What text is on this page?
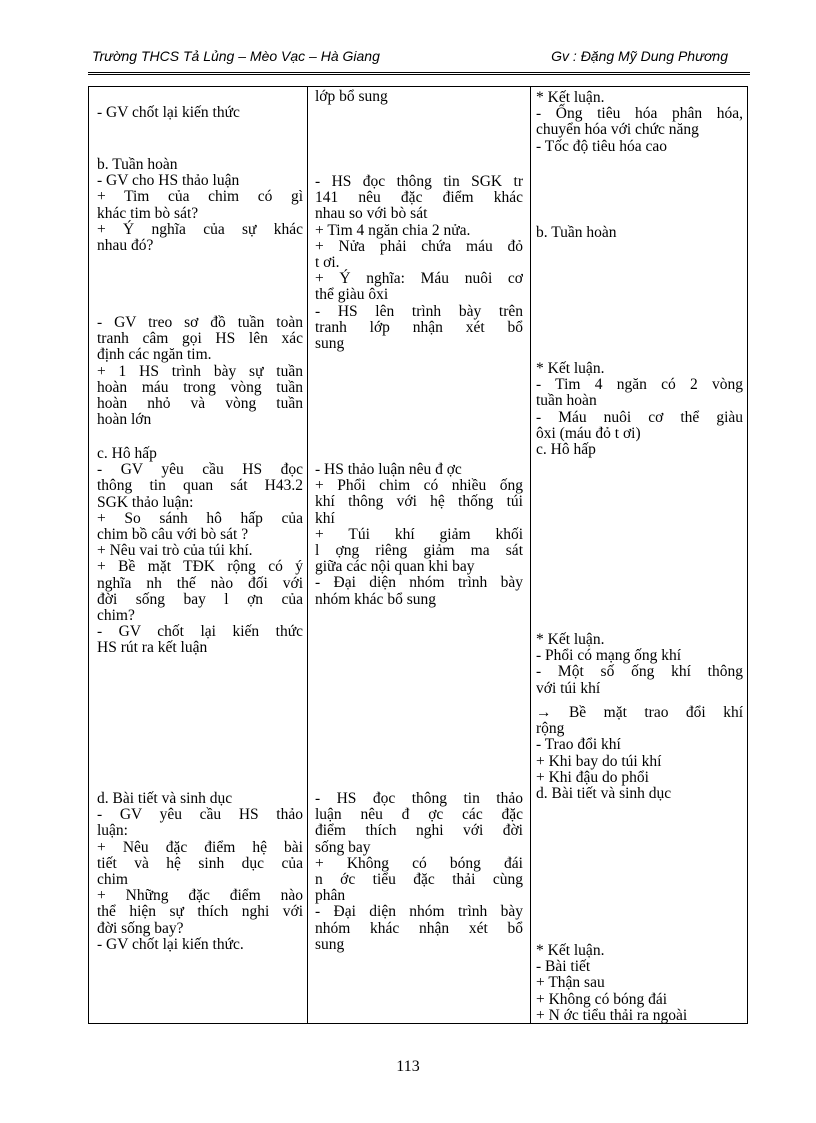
Trường THCS Tả Lủng – Mèo Vạc – Hà Giang	Gv : Đặng Mỹ Dung Phương
- GV chốt lại kiến thức
b. Tuần hoàn
- GV cho HS thảo luận
+ Tim của chim có gì
khác tim bò sát?
+ Ý nghĩa của sự khác
nhau đó?
- GV treo sơ đồ tuần toàn
tranh câm gọi HS lên xác
định các ngăn tim.
+ 1 HS trình bày sự tuần
hoàn máu trong vòng tuần
hoàn nhỏ và vòng tuần
hoàn lớn
c. Hô hấp
- GV yêu cầu HS đọc
thông tin quan sát H43.2
SGK thảo luận:
+ So sánh hô hấp của
chim bồ câu với bò sát ?
+ Nêu vai trò của túi khí.
+ Bề mặt TĐK rộng có ý
nghĩa nh thế nào đối với
đời sống bay l ợn của
chim?
- GV chốt lại kiến thức
HS rút ra kết luận
d. Bài tiết và sinh dục
- GV yêu cầu HS thảo
luận:
+ Nêu đặc điểm hệ bài
tiết và hệ sinh dục của
chim
+ Những đặc điểm nào
thể hiện sự thích nghi với
đời sống bay?
- GV chốt lại kiến thức.
lớp bổ sung
- HS đọc thông tin SGK tr
141 nêu đặc điểm khác
nhau so với bò sát
+ Tim 4 ngăn chia 2 nửa.
+ Nửa phải chứa máu đỏ
t ơi.
+ Ý nghĩa: Máu nuôi cơ
thể giàu ôxi
- HS lên trình bày trên
tranh lớp nhận xét bổ
sung
- HS thảo luận nêu đ ợc
+ Phổi chim có nhiều ống
khí thông với hệ thống túi
khí
+ Túi khí giảm khối
l ợng riêng giảm ma sát
giữa các nội quan khi bay
- Đại diện nhóm trình bày
nhóm khác bổ sung
- HS đọc thông tin thảo
luận nêu đ ợc các đặc
điểm thích nghi với đời
sống bay
+ Không có bóng đái
n ớc tiểu đặc thải cùng
phân
- Đại diện nhóm trình bày
nhóm khác nhận xét bổ
sung
* Kết luận.
- Ống tiêu hóa phân hóa,
chuyển hóa với chức năng
- Tốc độ tiêu hóa cao
b. Tuần hoàn
* Kết luận.
- Tim 4 ngăn có 2 vòng
tuần hoàn
- Máu nuôi cơ thể giàu
ôxi (máu đỏ t ơi)
c. Hô hấp
* Kết luận.
- Phổi có mạng ống khí
- Một số ống khí thông
với túi khí
→ Bề mặt trao đổi khí
rộng
- Trao đổi khí
+ Khi bay do túi khí
+ Khi đậu do phổi
d. Bài tiết và sinh dục
* Kết luận.
- Bài tiết
+ Thận sau
+ Không có bóng đái
+ N ớc tiểu thải ra ngoài
113
